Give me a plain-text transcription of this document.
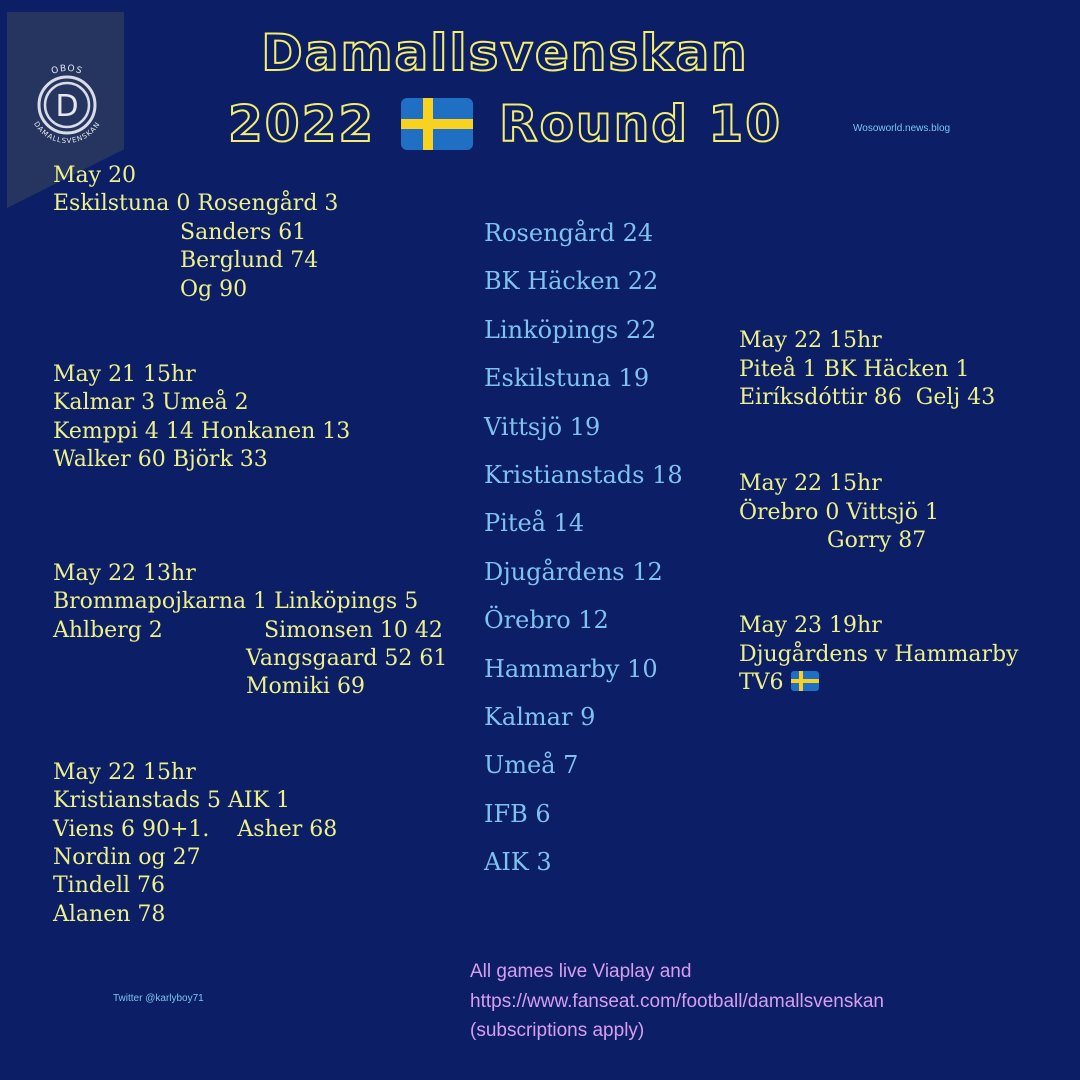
D
OBOS
DAMALLSVENSKAN
Damallsvenskan
2022 Round 10	Wosoworld.news.blog
May 20
Eskilstuna 0 Rosengård 3
Sanders 61
Berglund 74
Og 90
May 21 15hr
Kalmar 3 Umeå 2
Kemppi 4 14 Honkanen 13
Walker 60 Björk 33
May 22 13hr
Brommapojkarna 1 Linköpings 5
Ahlberg 2	Simonsen 10 42
Vangsgaard 52 61
Momiki 69
May 22 15hr
Kristianstads 5 AIK 1
Viens 6 90+1.    Asher 68
Nordin og 27
Tindell 76
Alanen 78
Rosengård 24
BK Häcken 22
Linköpings 22
Eskilstuna 19
Vittsjö 19
Kristianstads 18
Piteå 14
Djugårdens 12
Örebro 12
Hammarby 10
Kalmar 9
Umeå 7
IFB 6
AIK 3
May 22 15hr
Piteå 1 BK Häcken 1
Eiríksdóttir 86  Gelj 43
May 22 15hr
Örebro 0 Vittsjö 1
Gorry 87
May 23 19hr
Djugårdens v Hammarby
TV6
Twitter @karlyboy71
All games live Viaplay and
https://www.fanseat.com/football/damallsvenskan
(subscriptions apply)
